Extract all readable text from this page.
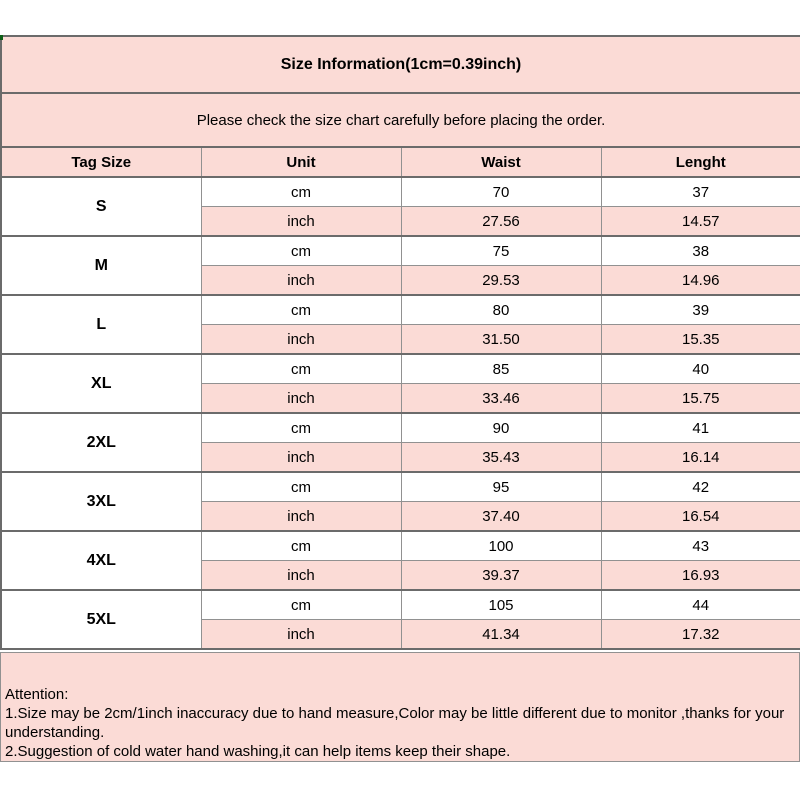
Size Information(1cm=0.39inch)			
Please check the size chart carefully before placing the order.			
Tag Size	Unit	Waist	Lenght
S	cm	70	37
	inch	27.56	14.57
M	cm	75	38
	inch	29.53	14.96
L	cm	80	39
	inch	31.50	15.35
XL	cm	85	40
	inch	33.46	15.75
2XL	cm	90	41
	inch	35.43	16.14
3XL	cm	95	42
	inch	37.40	16.54
4XL	cm	100	43
	inch	39.37	16.93
5XL	cm	105	44
	inch	41.34	17.32
Attention:
1.Size may be 2cm/1inch inaccuracy due to hand measure,Color may be little different due to monitor ,thanks for your
understanding.
2.Suggestion of cold water hand washing,it can help items keep their shape.
